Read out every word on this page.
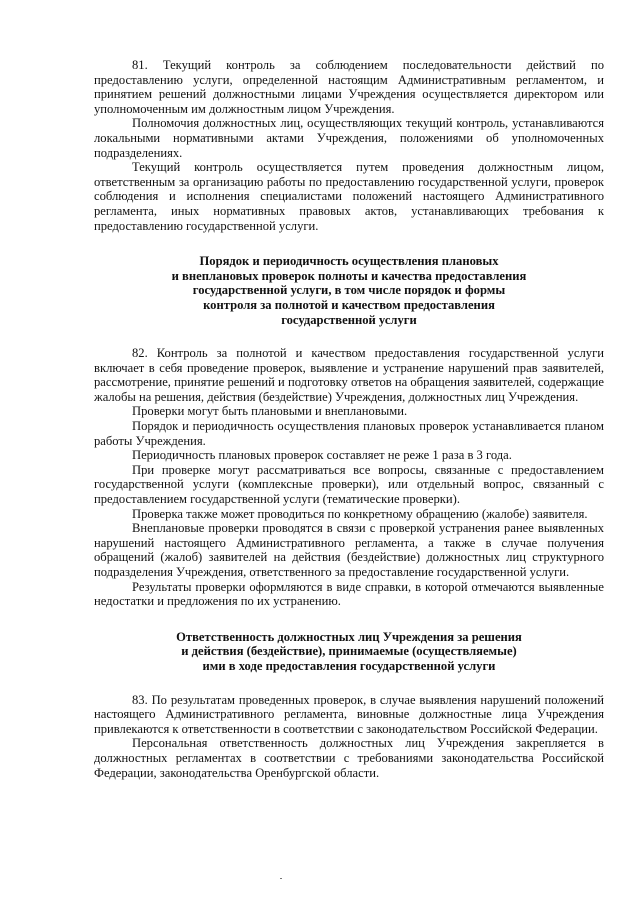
81. Текущий контроль за соблюдением последовательности действий по предоставлению услуги, определенной настоящим Административным регламентом, и принятием решений должностными лицами Учреждения осуществляется директором или уполномоченным им должностным лицом Учреждения.

Полномочия должностных лиц, осуществляющих текущий контроль, устанавливаются локальными нормативными актами Учреждения, положениями об уполномоченных подразделениях.

Текущий контроль осуществляется путем проведения должностным лицом, ответственным за организацию работы по предоставлению государственной услуги, проверок соблюдения и исполнения специалистами положений настоящего Административного регламента, иных нормативных правовых актов, устанавливающих требования к предоставлению государственной услуги.

Порядок и периодичность осуществления плановых
и внеплановых проверок полноты и качества предоставления
государственной услуги, в том числе порядок и формы
контроля за полнотой и качеством предоставления
государственной услуги

82. Контроль за полнотой и качеством предоставления государственной услуги включает в себя проведение проверок, выявление и устранение нарушений прав заявителей, рассмотрение, принятие решений и подготовку ответов на обращения заявителей, содержащие жалобы на решения, действия (бездействие) Учреждения, должностных лиц Учреждения.

Проверки могут быть плановыми и внеплановыми.

Порядок и периодичность осуществления плановых проверок устанавливается планом работы Учреждения.

Периодичность плановых проверок составляет не реже 1 раза в 3 года.

При проверке могут рассматриваться все вопросы, связанные с предоставлением государственной услуги (комплексные проверки), или отдельный вопрос, связанный с предоставлением государственной услуги (тематические проверки).

Проверка также может проводиться по конкретному обращению (жалобе) заявителя.

Внеплановые проверки проводятся в связи с проверкой устранения ранее выявленных нарушений настоящего Административного регламента, а также в случае получения обращений (жалоб) заявителей на действия (бездействие) должностных лиц структурного подразделения Учреждения, ответственного за предоставление государственной услуги.

Результаты проверки оформляются в виде справки, в которой отмечаются выявленные недостатки и предложения по их устранению.

Ответственность должностных лиц Учреждения за решения
и действия (бездействие), принимаемые (осуществляемые)
ими в ходе предоставления государственной услуги

83. По результатам проведенных проверок, в случае выявления нарушений положений настоящего Административного регламента, виновные должностные лица Учреждения привлекаются к ответственности в соответствии с законодательством Российской Федерации.

Персональная ответственность должностных лиц Учреждения закрепляется в должностных регламентах в соответствии с требованиями законодательства Российской Федерации, законодательства Оренбургской области.
